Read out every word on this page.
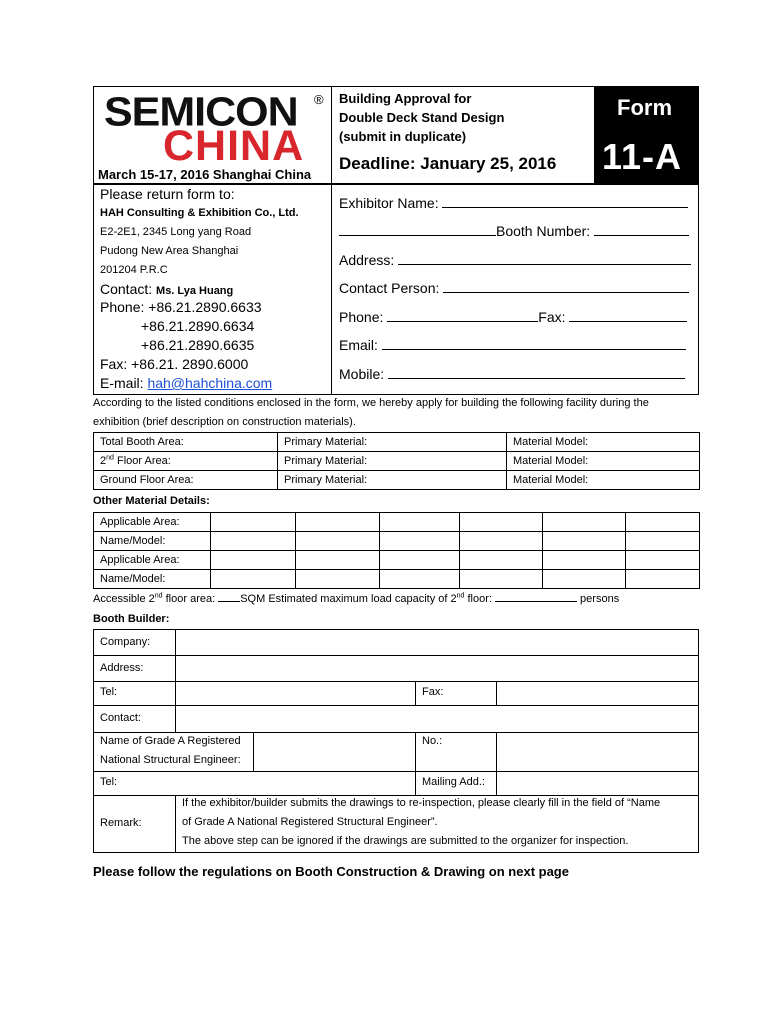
SEMICON ®
CHINA
March 15-17, 2016 Shanghai China
Building Approval for
Double Deck Stand Design
(submit in duplicate)
Deadline: January 25, 2016
Form
11-A
Please return form to:
HAH Consulting & Exhibition Co., Ltd.
E2-2E1, 2345 Long yang Road
Pudong New Area Shanghai
201204 P.R.C
Contact: Ms. Lya Huang
Phone: +86.21.2890.6633
+86.21.2890.6634
+86.21.2890.6635
Fax: +86.21. 2890.6000
E-mail: hah@hahchina.com
Exhibitor Name:
Booth Number:
Address:
Contact Person:
Phone:	Fax:
Email:
Mobile:
According to the listed conditions enclosed in the form, we hereby apply for building the following facility during the
exhibition (brief description on construction materials).
Total Booth Area:	Primary Material:	Material Model:
2nd Floor Area:	Primary Material:	Material Model:
Ground Floor Area:	Primary Material:	Material Model:
Other Material Details:
Applicable Area:						
Name/Model:						
Applicable Area:						
Name/Model:						
Accessible 2nd floor area: SQM Estimated maximum load capacity of 2nd floor:	persons
Booth Builder:
Company:
Address:
Tel:	Fax:
Contact:
Name of Grade A Registered
National Structural Engineer:
No.:
Tel:	Mailing Add.:
Remark:
If the exhibitor/builder submits the drawings to re-inspection, please clearly fill in the field of “Name
of Grade A National Registered Structural Engineer”.
The above step can be ignored if the drawings are submitted to the organizer for inspection.
Please follow the regulations on Booth Construction & Drawing on next page
